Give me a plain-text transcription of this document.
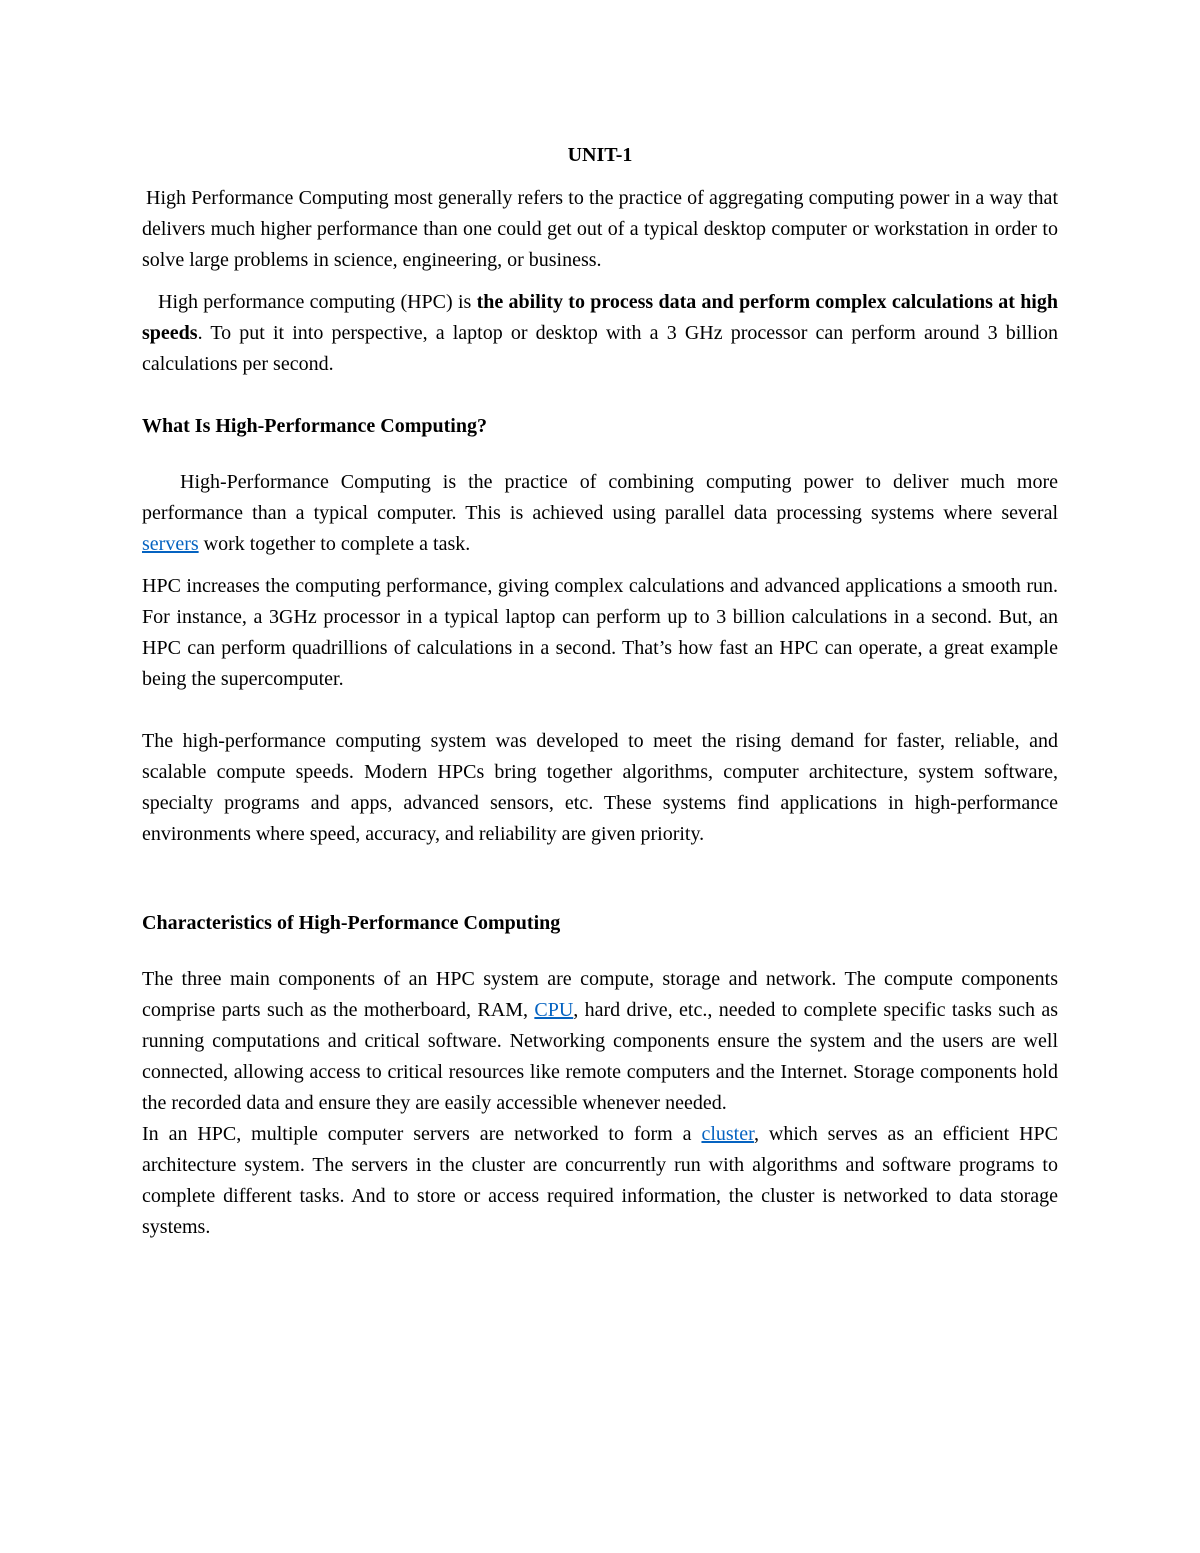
UNIT-1

High Performance Computing most generally refers to the practice of aggregating computing power in a way that delivers much higher performance than one could get out of a typical desktop computer or workstation in order to solve large problems in science, engineering, or business.

High performance computing (HPC) is the ability to process data and perform complex calculations at high speeds. To put it into perspective, a laptop or desktop with a 3 GHz processor can perform around 3 billion calculations per second.

What Is High-Performance Computing?

High-Performance Computing is the practice of combining computing power to deliver much more performance than a typical computer. This is achieved using parallel data processing systems where several servers work together to complete a task.

HPC increases the computing performance, giving complex calculations and advanced applications a smooth run. For instance, a 3GHz processor in a typical laptop can perform up to 3 billion calculations in a second. But, an HPC can perform quadrillions of calculations in a second. That’s how fast an HPC can operate, a great example being the supercomputer.

The high-performance computing system was developed to meet the rising demand for faster, reliable, and scalable compute speeds. Modern HPCs bring together algorithms, computer architecture, system software, specialty programs and apps, advanced sensors, etc. These systems find applications in high-performance environments where speed, accuracy, and reliability are given priority.

Characteristics of High-Performance Computing

The three main components of an HPC system are compute, storage and network. The compute components comprise parts such as the motherboard, RAM, CPU, hard drive, etc., needed to complete specific tasks such as running computations and critical software. Networking components ensure the system and the users are well connected, allowing access to critical resources like remote computers and the Internet. Storage components hold the recorded data and ensure they are easily accessible whenever needed.

In an HPC, multiple computer servers are networked to form a cluster, which serves as an efficient HPC architecture system. The servers in the cluster are concurrently run with algorithms and software programs to complete different tasks. And to store or access required information, the cluster is networked to data storage systems.
